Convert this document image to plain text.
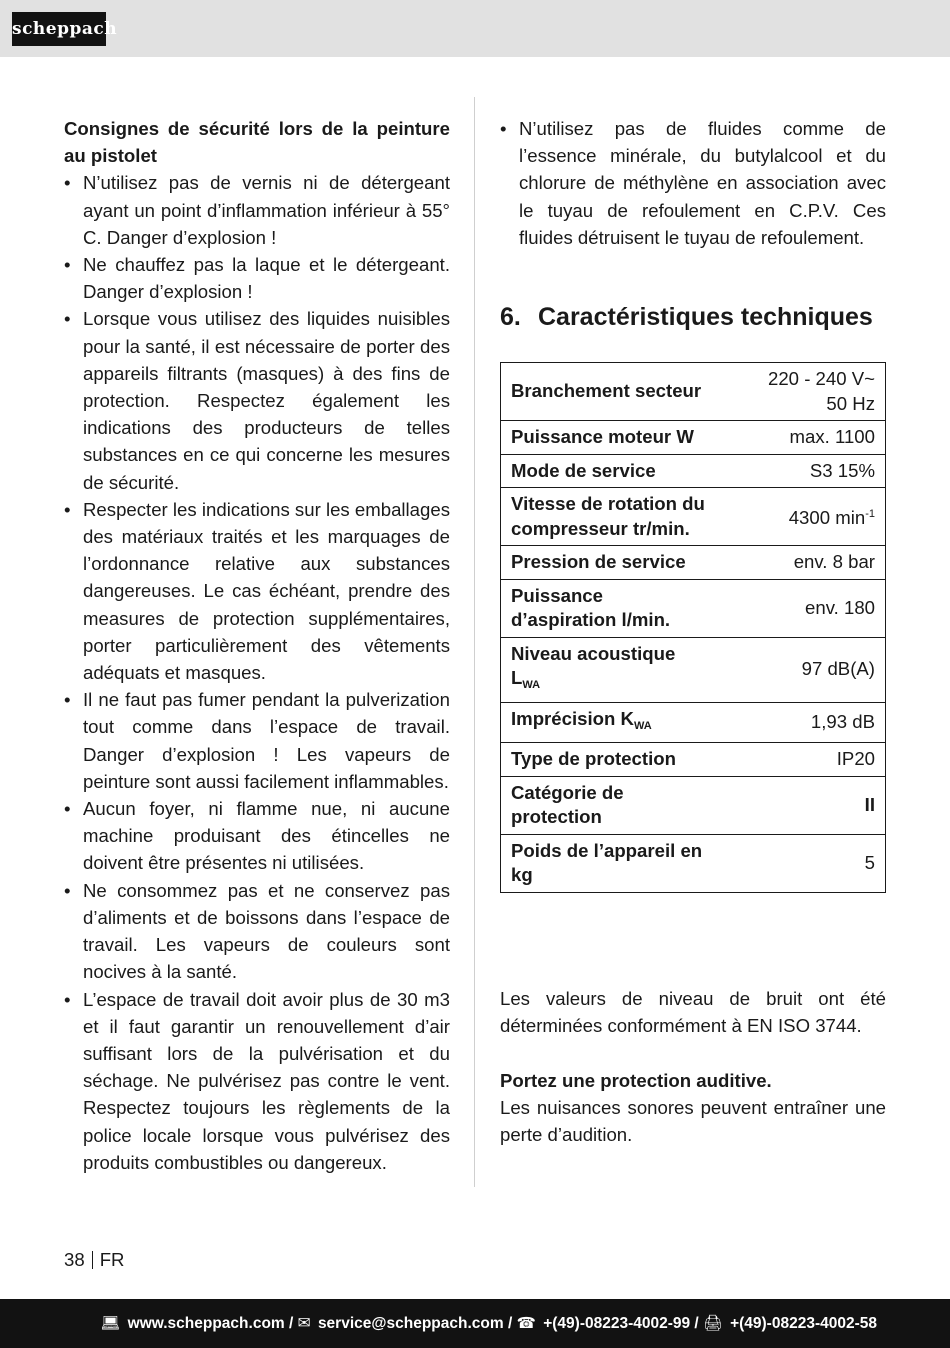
scheppach
Consignes de sécurité lors de la peinture au pistolet
• N’utilisez pas de vernis ni de détergeant ayant un point d’inflammation inférieur à 55° C. Danger d’explosion !
• Ne chauffez pas la laque et le détergeant. Danger d’explosion !
• Lorsque vous utilisez des liquides nuisibles pour la santé, il est nécessaire de porter des appareils filtrants (masques) à des fins de protection. Respectez également les indications des producteurs de telles substances en ce qui concerne les mesures de sécurité.
• Respecter les indications sur les emballages des matériaux traités et les marquages de l’ordonnance relative aux substances dangereuses. Le cas échéant, prendre des measures de protection supplémentaires, porter particulièrement des vêtements adéquats et masques.
• Il ne faut pas fumer pendant la pulverization tout comme dans l’espace de travail. Danger d’explosion ! Les vapeurs de peinture sont aussi facilement inflammables.
• Aucun foyer, ni flamme nue, ni aucune machine produisant des étincelles ne doivent être présentes ni utilisées.
• Ne consommez pas et ne conservez pas d’aliments et de boissons dans l’espace de travail. Les vapeurs de couleurs sont nocives à la santé.
• L’espace de travail doit avoir plus de 30 m3 et il faut garantir un renouvellement d’air suffisant lors de la pulvérisation et du séchage. Ne pulvérisez pas contre le vent. Respectez toujours les règlements de la police locale lorsque vous pulvérisez des produits combustibles ou dangereux.
• N’utilisez pas de fluides comme de l’essence minérale, du butylalcool et du chlorure de méthylène en association avec le tuyau de refoulement en C.P.V. Ces fluides détruisent le tuyau de refoulement.
6. Caractéristiques techniques
Branchement secteur	220 - 240 V~ 50 Hz

Puissance moteur W	max. 1100
Mode de service	S3 15%
Vitesse de rotation du compresseur tr/min.	4300 $\min^{-1}$
Pression de service	env. 8 bar
Puissance d’aspiration l/min.	env. 180
Niveau acoustique $L_{WA}$	97 dB(A)
Imprécision $K_{WA}$	1,93 dB
Type de protection	IP20
Catégorie de protection	II
Poids de l’appareil en kg	5
Les valeurs de niveau de bruit ont été déterminées conformément à EN ISO 3744.
Portez une protection auditive.
Les nuisances sonores peuvent entraîner une perte d’audition.
38 FR
💻︎ www.scheppach.com / ✉︎ service@scheppach.com / ☎︎ +(49)-08223-4002-99 / 🖨︎ +(49)-08223-4002-58
